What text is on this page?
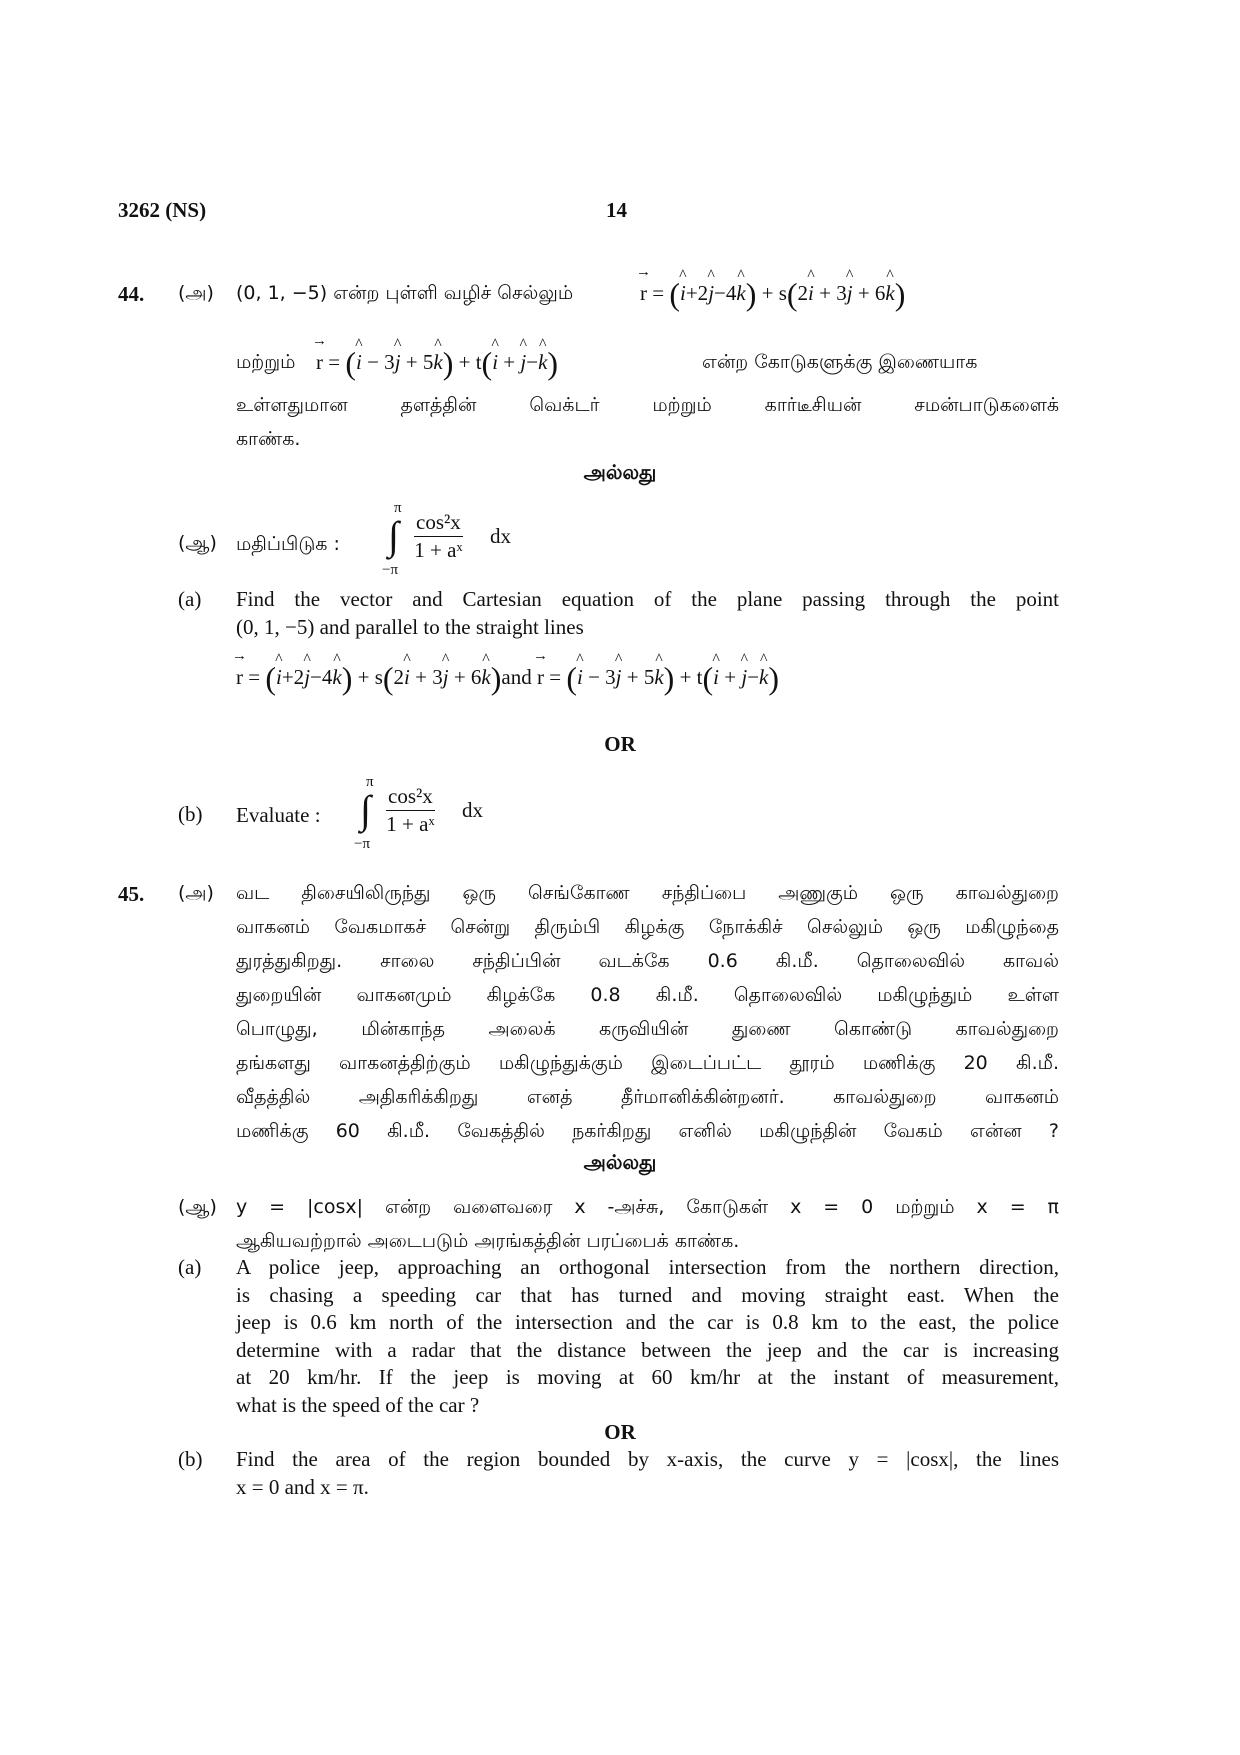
3262 (NS)	14
44. (அ) (0, 1, −5) என்ற புள்ளி வழிச் செல்லும்	→ r = (^ i+2^ j−4^ k) + s(2^ i + 3^ j + 6^ k)
மற்றும் → r = (^ i − 3^ j + 5^ k) + t(^ i + ^ j−^ k)	என்ற கோடுகளுக்கு இணையாக
உள்ளதுமான தளத்தின் வெக்டர் மற்றும் கார்டீசியன் சமன்பாடுகளைக்
காண்க.
அல்லது
(ஆ) மதிப்பிடுக : ∫
π
−π
$\frac{\text{cos²x}}{\text{1 + aˣ}}$ dx
(a) Find the vector and Cartesian equation of the plane passing through the point
(0, 1, −5) and parallel to the straight lines
→ r = (^ i+2^ j−4^ k) + s(2^ i + 3^ j + 6^ k)and → r = (^ i − 3^ j + 5^ k) + t(^ i + ^ j−^ k)
OR
(b) Evaluate : ∫
π
−π
$\frac{\text{cos²x}}{\text{1 + aˣ}}$ dx
45. (அ) வட திசையிலிருந்து ஒரு செங்கோண சந்திப்பை அணுகும் ஒரு காவல்துறை
வாகனம் வேகமாகச் சென்று திரும்பி கிழக்கு நோக்கிச் செல்லும் ஒரு மகிழுந்தை
துரத்துகிறது. சாலை சந்திப்பின் வடக்கே 0.6 கி.மீ. தொலைவில் காவல்
துறையின் வாகனமும் கிழக்கே 0.8 கி.மீ. தொலைவில் மகிழுந்தும் உள்ள
பொழுது, மின்காந்த அலைக் கருவியின் துணை கொண்டு காவல்துறை
தங்களது வாகனத்திற்கும் மகிழுந்துக்கும் இடைப்பட்ட தூரம் மணிக்கு 20 கி.மீ.
வீதத்தில் அதிகரிக்கிறது எனத் தீர்மானிக்கின்றனர். காவல்துறை வாகனம்
மணிக்கு 60 கி.மீ. வேகத்தில் நகர்கிறது எனில் மகிழுந்தின் வேகம் என்ன ?
அல்லது
(ஆ) y = |cosx| என்ற வளைவரை x -அச்சு, கோடுகள் x = 0 மற்றும் x = π
ஆகியவற்றால் அடைபடும் அரங்கத்தின் பரப்பைக் காண்க.
(a) A police jeep, approaching an orthogonal intersection from the northern direction,
is chasing a speeding car that has turned and moving straight east. When the
jeep is 0.6 km north of the intersection and the car is 0.8 km to the east, the police
determine with a radar that the distance between the jeep and the car is increasing
at 20 km/hr. If the jeep is moving at 60 km/hr at the instant of measurement,
what is the speed of the car ?
OR
(b) Find the area of the region bounded by x-axis, the curve y = |cosx|, the lines
x = 0 and x = π.
